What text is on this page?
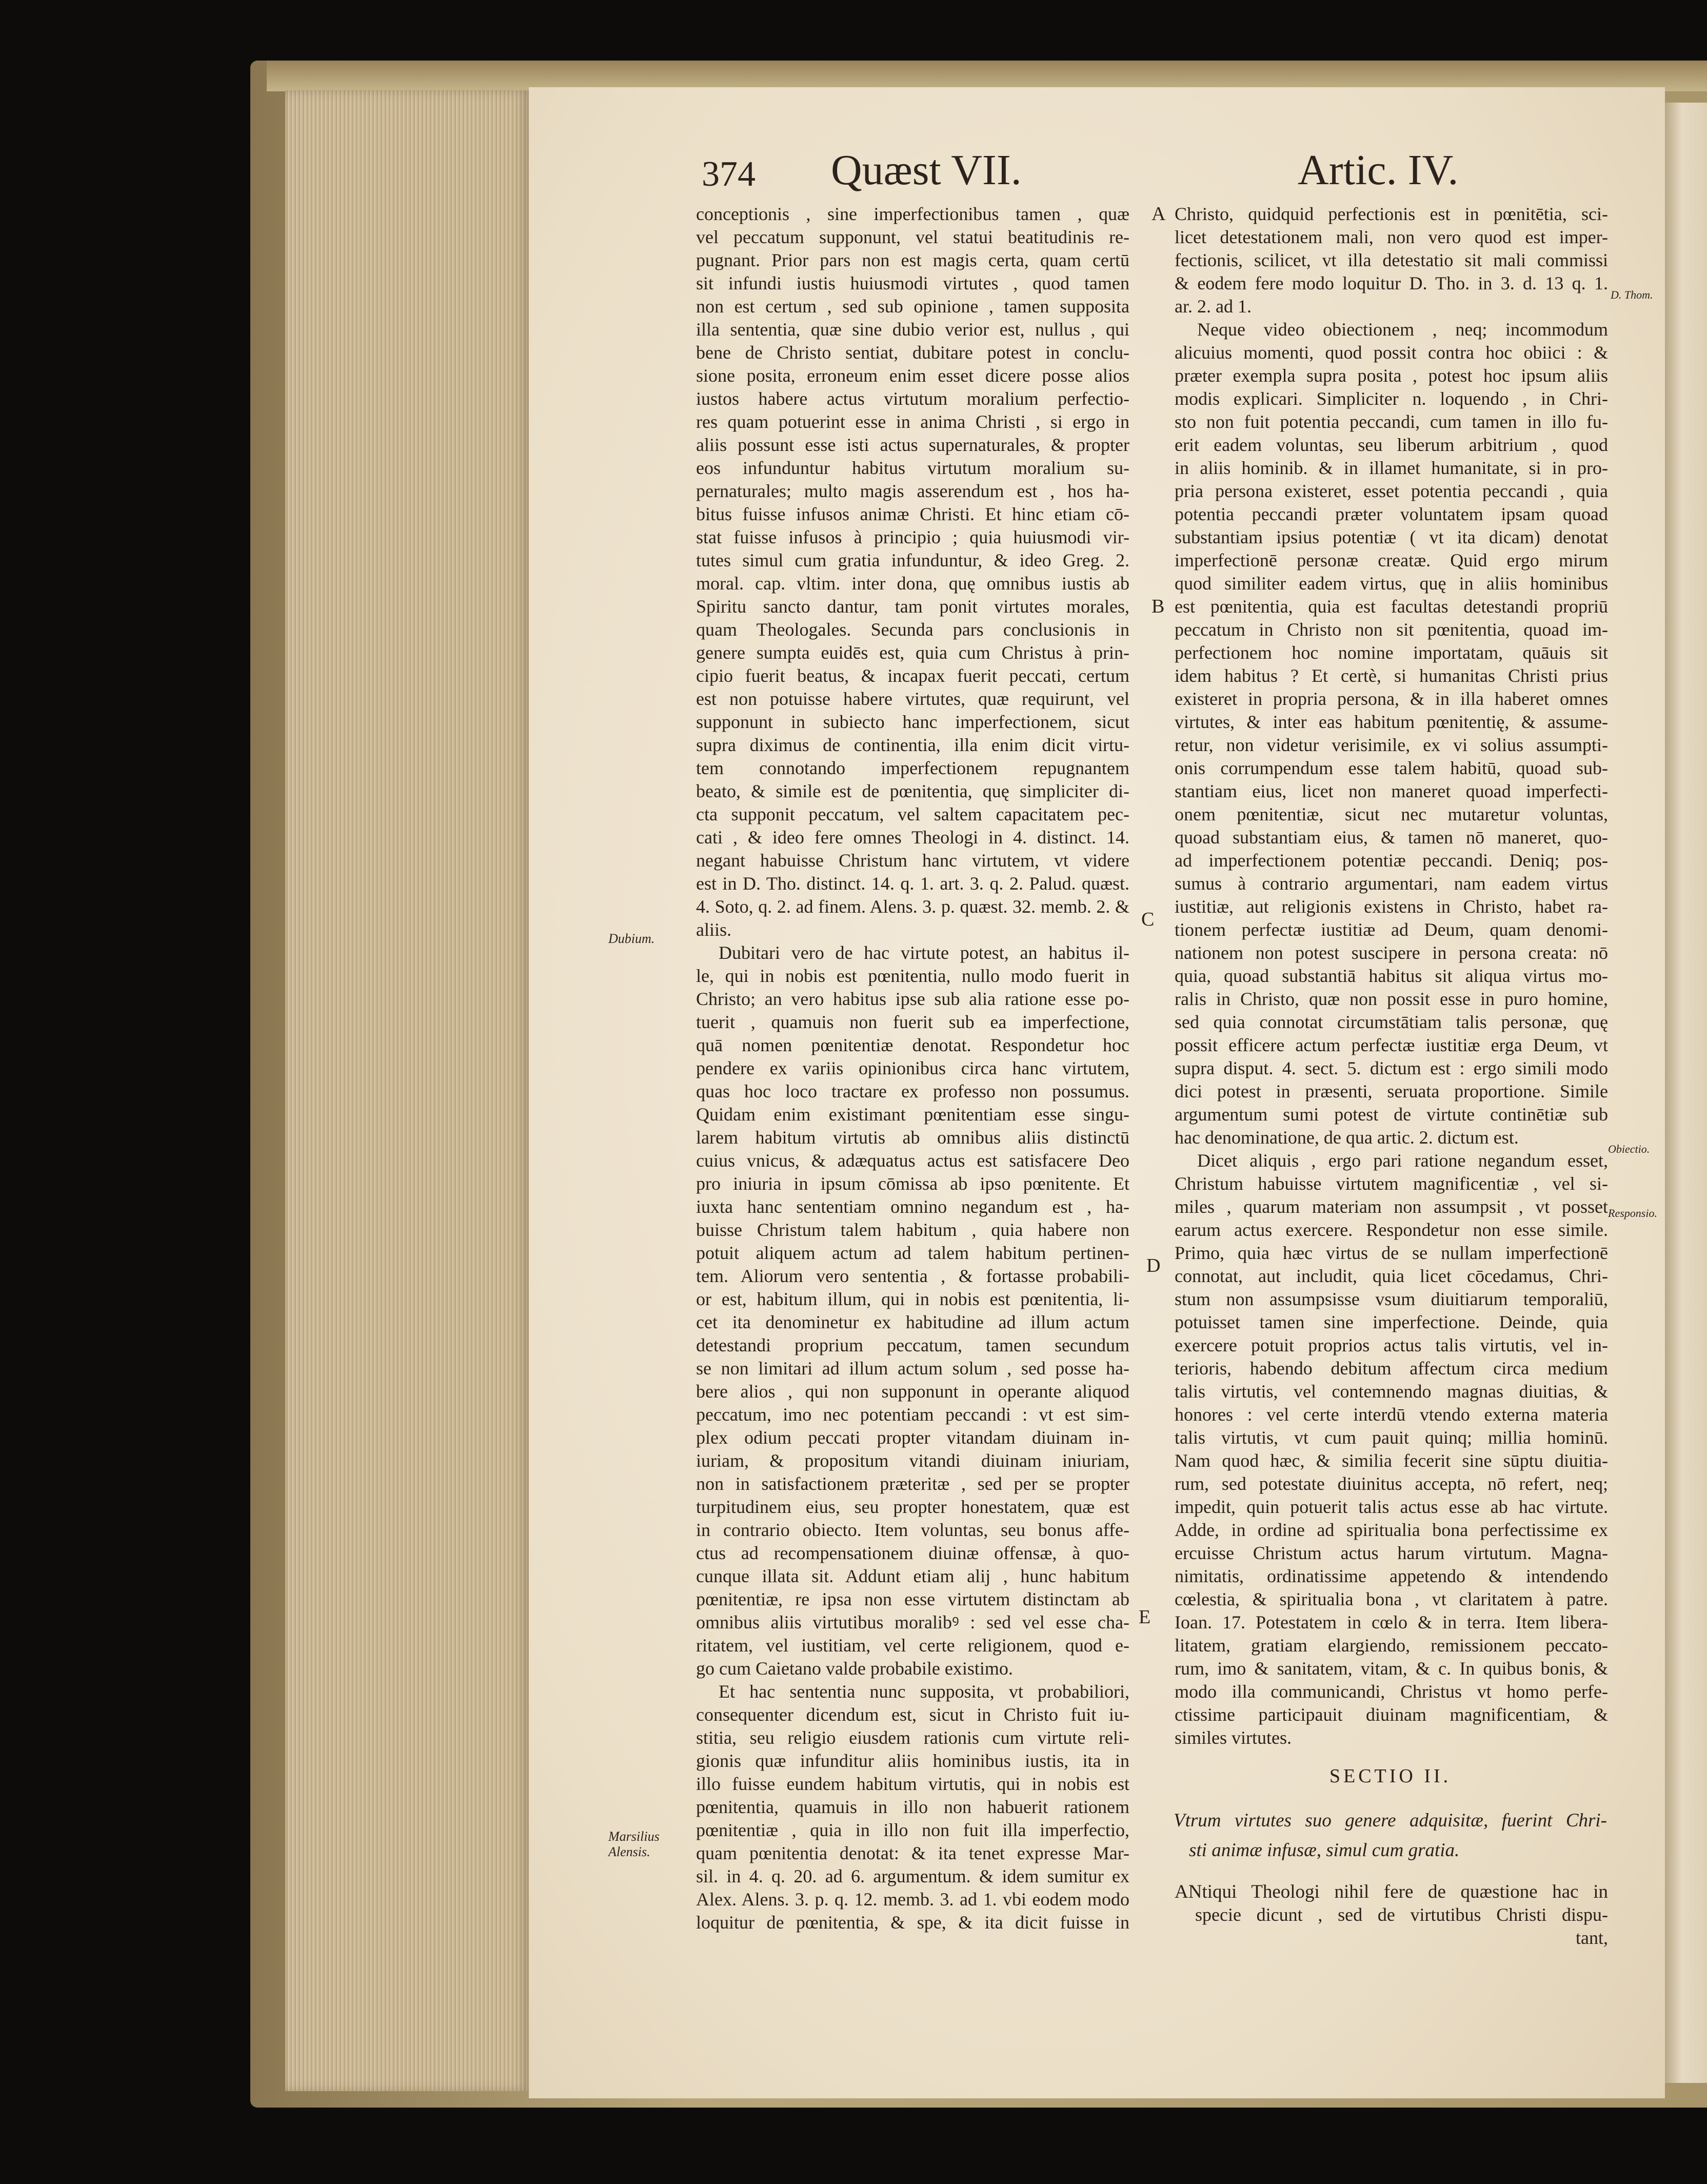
374 Quæst VII.	Artic. IV.
conceptionis , sine imperfectionibus tamen , quæ
vel peccatum supponunt, vel statui beatitudinis re-
pugnant. Prior pars non est magis certa, quam certū
sit infundi iustis huiusmodi virtutes , quod tamen
non est certum , sed sub opinione , tamen supposita
illa sententia, quæ sine dubio verior est, nullus , qui
bene de Christo sentiat, dubitare potest in conclu-
sione posita, erroneum enim esset dicere posse alios
iustos habere actus virtutum moralium perfectio-
res quam potuerint esse in anima Christi , si ergo in
aliis possunt esse isti actus supernaturales, & propter
eos infunduntur habitus virtutum moralium su-
pernaturales; multo magis asserendum est , hos ha-
bitus fuisse infusos animæ Christi. Et hinc etiam cō-
stat fuisse infusos à principio ; quia huiusmodi vir-
tutes simul cum gratia infunduntur, & ideo Greg. 2.
moral. cap. vltim. inter dona, quę omnibus iustis ab
Spiritu sancto dantur, tam ponit virtutes morales,
quam Theologales. Secunda pars conclusionis in
genere sumpta euidēs est, quia cum Christus à prin-
cipio fuerit beatus, & incapax fuerit peccati, certum
est non potuisse habere virtutes, quæ requirunt, vel
supponunt in subiecto hanc imperfectionem, sicut
supra diximus de continentia, illa enim dicit virtu-
tem connotando imperfectionem repugnantem
beato, & simile est de pœnitentia, quę simpliciter di-
cta supponit peccatum, vel saltem capacitatem pec-
cati , & ideo fere omnes Theologi in 4. distinct. 14.
negant habuisse Christum hanc virtutem, vt videre
est in D. Tho. distinct. 14. q. 1. art. 3. q. 2. Palud. quæst.
4. Soto, q. 2. ad finem. Alens. 3. p. quæst. 32. memb. 2. &
aliis.
Dubitari vero de hac virtute potest, an habitus il-
le, qui in nobis est pœnitentia, nullo modo fuerit in
Christo; an vero habitus ipse sub alia ratione esse po-
tuerit , quamuis non fuerit sub ea imperfectione,
quā nomen pœnitentiæ denotat. Respondetur hoc
pendere ex variis opinionibus circa hanc virtutem,
quas hoc loco tractare ex professo non possumus.
Quidam enim existimant pœnitentiam esse singu-
larem habitum virtutis ab omnibus aliis distinctū
cuius vnicus, & adæquatus actus est satisfacere Deo
pro iniuria in ipsum cōmissa ab ipso pœnitente. Et
iuxta hanc sententiam omnino negandum est , ha-
buisse Christum talem habitum , quia habere non
potuit aliquem actum ad talem habitum pertinen-
tem. Aliorum vero sententia , & fortasse probabili-
or est, habitum illum, qui in nobis est pœnitentia, li-
cet ita denominetur ex habitudine ad illum actum
detestandi proprium peccatum, tamen secundum
se non limitari ad illum actum solum , sed posse ha-
bere alios , qui non supponunt in operante aliquod
peccatum, imo nec potentiam peccandi : vt est sim-
plex odium peccati propter vitandam diuinam in-
iuriam, & propositum vitandi diuinam iniuriam,
non in satisfactionem præteritæ , sed per se propter
turpitudinem eius, seu propter honestatem, quæ est
in contrario obiecto. Item voluntas, seu bonus affe-
ctus ad recompensationem diuinæ offensæ, à quo-
cunque illata sit. Addunt etiam alij , hunc habitum
pœnitentiæ, re ipsa non esse virtutem distinctam ab
omnibus aliis virtutibus moralibꝰ : sed vel esse cha-
ritatem, vel iustitiam, vel certe religionem, quod e-
go cum Caietano valde probabile existimo.
Et hac sententia nunc supposita, vt probabiliori,
consequenter dicendum est, sicut in Christo fuit iu-
stitia, seu religio eiusdem rationis cum virtute reli-
gionis quæ infunditur aliis hominibus iustis, ita in
illo fuisse eundem habitum virtutis, qui in nobis est
pœnitentia, quamuis in illo non habuerit rationem
pœnitentiæ , quia in illo non fuit illa imperfectio,
quam pœnitentia denotat: & ita tenet expresse Mar-
sil. in 4. q. 20. ad 6. argumentum. & idem sumitur ex
Alex. Alens. 3. p. q. 12. memb. 3. ad 1. vbi eodem modo
loquitur de pœnitentia, & spe, & ita dicit fuisse in
Christo, quidquid perfectionis est in pœnitētia, sci-
licet detestationem mali, non vero quod est imper-
fectionis, scilicet, vt illa detestatio sit mali commissi
& eodem fere modo loquitur D. Tho. in 3. d. 13 q. 1.
ar. 2. ad 1.
Neque video obiectionem , neq; incommodum
alicuius momenti, quod possit contra hoc obiici : &
præter exempla supra posita , potest hoc ipsum aliis
modis explicari. Simpliciter n. loquendo , in Chri-
sto non fuit potentia peccandi, cum tamen in illo fu-
erit eadem voluntas, seu liberum arbitrium , quod
in aliis hominib. & in illamet humanitate, si in pro-
pria persona existeret, esset potentia peccandi , quia
potentia peccandi præter voluntatem ipsam quoad
substantiam ipsius potentiæ ( vt ita dicam) denotat
imperfectionē personæ creatæ. Quid ergo mirum
quod similiter eadem virtus, quę in aliis hominibus
est pœnitentia, quia est facultas detestandi propriū
peccatum in Christo non sit pœnitentia, quoad im-
perfectionem hoc nomine importatam, quāuis sit
idem habitus ? Et certè, si humanitas Christi prius
existeret in propria persona, & in illa haberet omnes
virtutes, & inter eas habitum pœnitentię, & assume-
retur, non videtur verisimile, ex vi solius assumpti-
onis corrumpendum esse talem habitū, quoad sub-
stantiam eius, licet non maneret quoad imperfecti-
onem pœnitentiæ, sicut nec mutaretur voluntas,
quoad substantiam eius, & tamen nō maneret, quo-
ad imperfectionem potentiæ peccandi. Deniq; pos-
sumus à contrario argumentari, nam eadem virtus
iustitiæ, aut religionis existens in Christo, habet ra-
tionem perfectæ iustitiæ ad Deum, quam denomi-
nationem non potest suscipere in persona creata: nō
quia, quoad substantiā habitus sit aliqua virtus mo-
ralis in Christo, quæ non possit esse in puro homine,
sed quia connotat circumstātiam talis personæ, quę
possit efficere actum perfectæ iustitiæ erga Deum, vt
supra disput. 4. sect. 5. dictum est : ergo simili modo
dici potest in præsenti, seruata proportione. Simile
argumentum sumi potest de virtute continētiæ sub
hac denominatione, de qua artic. 2. dictum est.
Dicet aliquis , ergo pari ratione negandum esset,
Christum habuisse virtutem magnificentiæ , vel si-
miles , quarum materiam non assumpsit , vt posset
earum actus exercere. Respondetur non esse simile.
Primo, quia hæc virtus de se nullam imperfectionē
connotat, aut includit, quia licet cōcedamus, Chri-
stum non assumpsisse vsum diuitiarum temporaliū,
potuisset tamen sine imperfectione. Deinde, quia
exercere potuit proprios actus talis virtutis, vel in-
terioris, habendo debitum affectum circa medium
talis virtutis, vel contemnendo magnas diuitias, &
honores : vel certe interdū vtendo externa materia
talis virtutis, vt cum pauit quinq; millia hominū.
Nam quod hæc, & similia fecerit sine sūptu diuitia-
rum, sed potestate diuinitus accepta, nō refert, neq;
impedit, quin potuerit talis actus esse ab hac virtute.
Adde, in ordine ad spiritualia bona perfectissime ex
ercuisse Christum actus harum virtutum. Magna-
nimitatis, ordinatissime appetendo & intendendo
cœlestia, & spiritualia bona , vt claritatem à patre.
Ioan. 17. Potestatem in cœlo & in terra. Item libera-
litatem, gratiam elargiendo, remissionem peccato-
rum, imo & sanitatem, vitam, & c. In quibus bonis, &
modo illa communicandi, Christus vt homo perfe-
ctissime participauit diuinam magnificentiam, &
similes virtutes.
A
B
C
D
E
Dubium.
Marsilius Alensis.
D. Thom.
Obiectio.
Responsio.
SECTIO II.
Vtrum virtutes suo genere adquisitæ, fuerint Chri-
sti animæ infusæ, simul cum gratia.
ANtiqui Theologi nihil fere de quæstione hac in
specie dicunt , sed de virtutibus Christi dispu-
tant,
